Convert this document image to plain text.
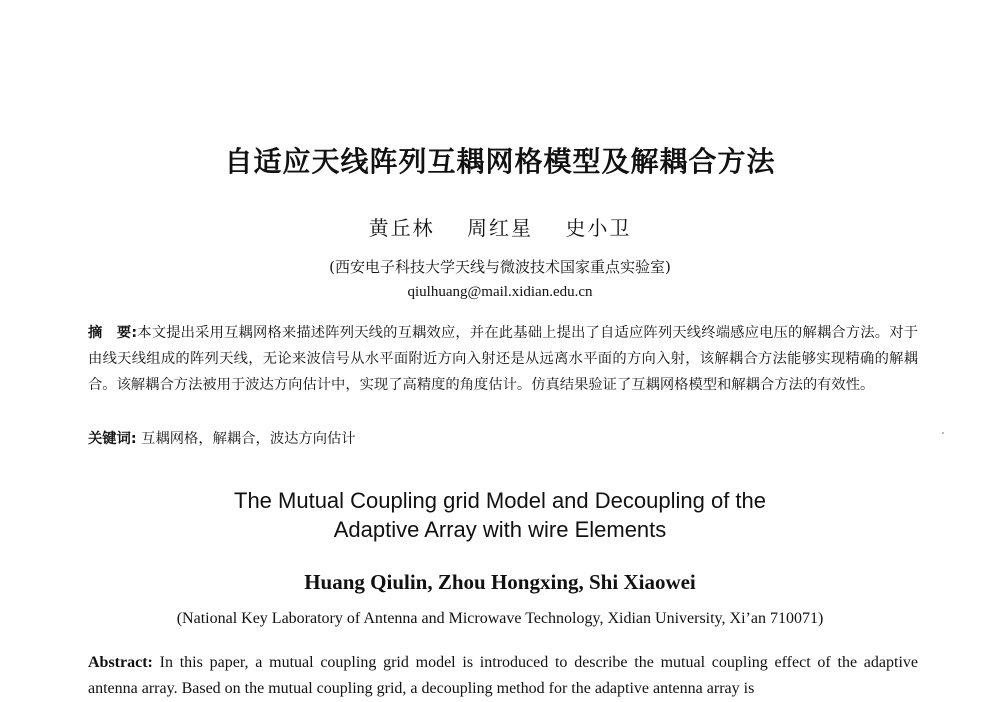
自适应天线阵列互耦网格模型及解耦合方法
黄丘林 周红星 史小卫
(西安电子科技大学天线与微波技术国家重点实验室)
qiulhuang@mail.xidian.edu.cn
摘　要:本文提出采用互耦网格来描述阵列天线的互耦效应，并在此基础上提出了自适应阵列天线终端感应电压的解耦合方法。对于由线天线组成的阵列天线，无论来波信号从水平面附近方向入射还是从远离水平面的方向入射，该解耦合方法能够实现精确的解耦合。该解耦合方法被用于波达方向估计中，实现了高精度的角度估计。仿真结果验证了互耦网格模型和解耦合方法的有效性。
关键词: 互耦网格，解耦合，波达方向估计
The Mutual Coupling grid Model and Decoupling of the
Adaptive Array with wire Elements
Huang Qiulin, Zhou Hongxing, Shi Xiaowei
(National Key Laboratory of Antenna and Microwave Technology, Xidian University, Xi’an 710071)
Abstract: In this paper, a mutual coupling grid model is introduced to describe the mutual coupling effect of the adaptive antenna array. Based on the mutual coupling grid, a decoupling method for the adaptive antenna array is
